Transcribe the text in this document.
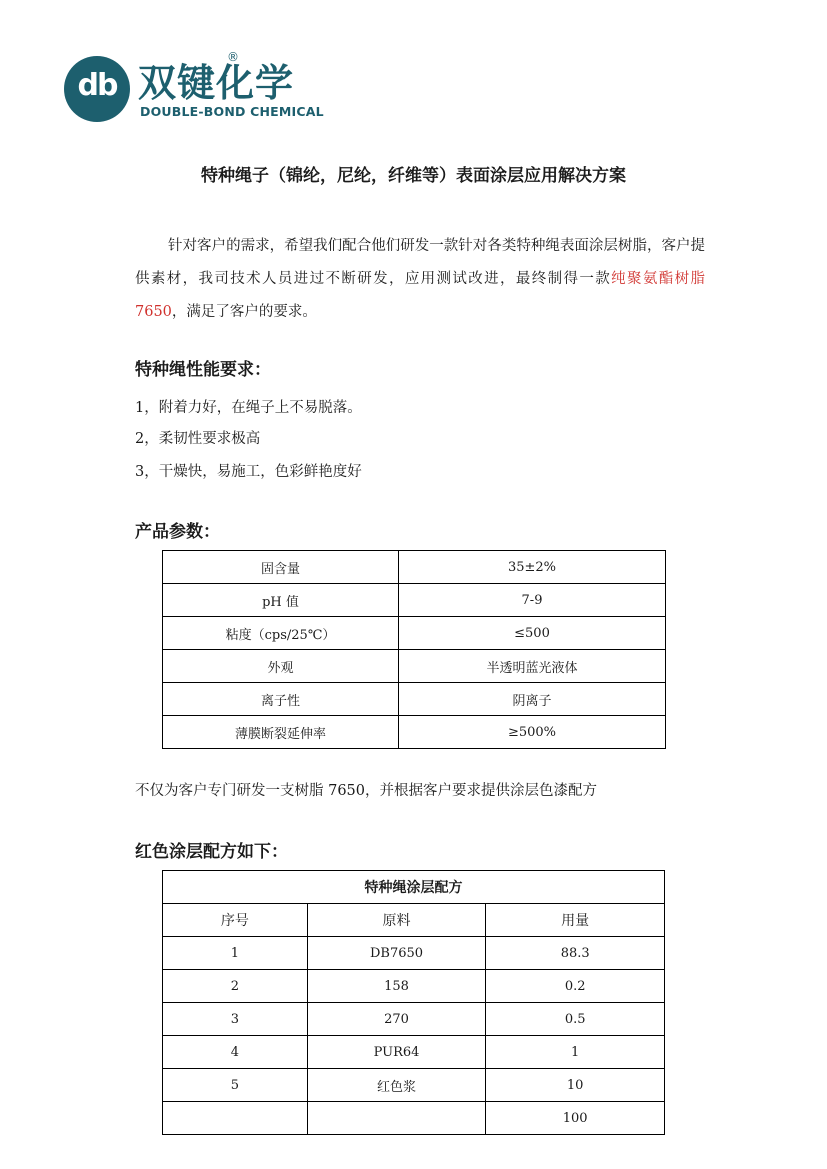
db 双键化学
®
DOUBLE-BOND CHEMICAL
特种绳子（锦纶，尼纶，纤维等）表面涂层应用解决方案
针对客户的需求，希望我们配合他们研发一款针对各类特种绳表面涂层树脂，客户提供素材，我司技术人员进过不断研发，应用测试改进，最终制得一款纯聚氨酯树脂 7650，满足了客户的要求。
特种绳性能要求：
1，附着力好，在绳子上不易脱落。
2，柔韧性要求极高
3，干燥快，易施工，色彩鲜艳度好
产品参数：
固含量	35±2%
pH 值	7-9
粘度（cps/25℃）	≤500
外观	半透明蓝光液体
离子性	阴离子
薄膜断裂延伸率	≥500%
不仅为客户专门研发一支树脂 7650，并根据客户要求提供涂层色漆配方
红色涂层配方如下：
特种绳涂层配方		
序号	原料	用量
1	DB7650	88.3
2	158	0.2
3	270	0.5
4	PUR64	1
5	红色浆	10
		100
